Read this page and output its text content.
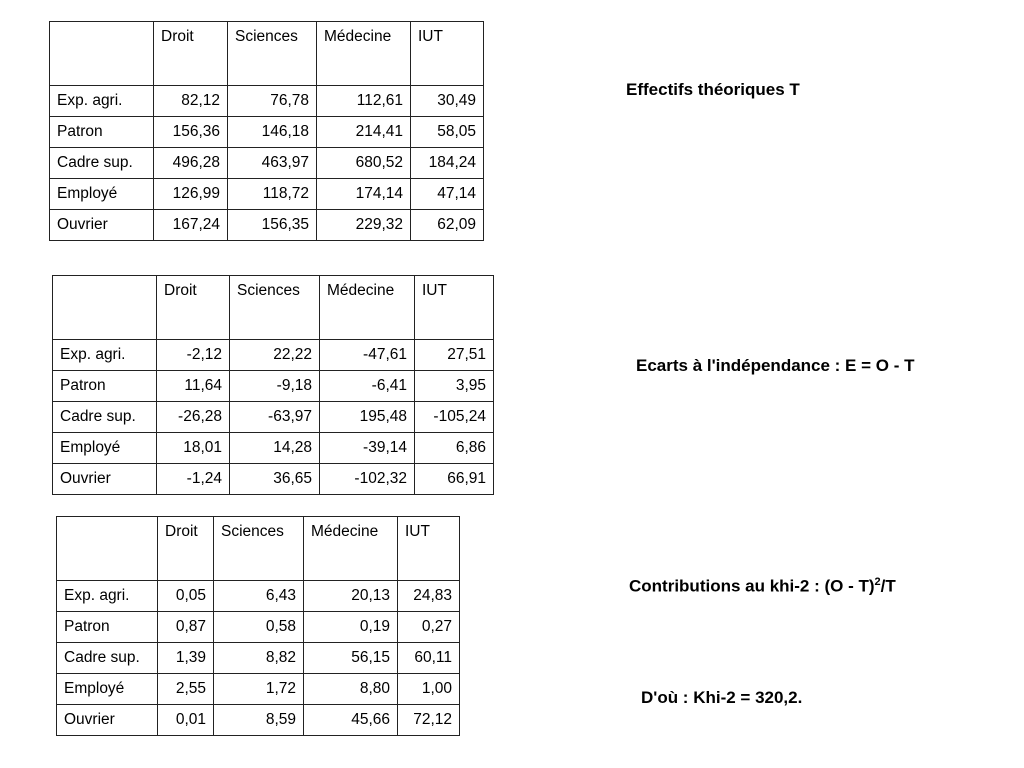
	Droit	Sciences	Médecine	IUT
Exp. agri.	82,12	76,78	112,61	30,49
Patron	156,36	146,18	214,41	58,05
Cadre sup.	496,28	463,97	680,52	184,24
Employé	126,99	118,72	174,14	47,14
Ouvrier	167,24	156,35	229,32	62,09
Effectifs théoriques T
	Droit	Sciences	Médecine	IUT
Exp. agri.	-2,12	22,22	-47,61	27,51
Patron	11,64	-9,18	-6,41	3,95
Cadre sup.	-26,28	-63,97	195,48	-105,24
Employé	18,01	14,28	-39,14	6,86
Ouvrier	-1,24	36,65	-102,32	66,91
Ecarts à l'indépendance : E = O - T
	Droit	Sciences	Médecine	IUT
Exp. agri.	0,05	6,43	20,13	24,83
Patron	0,87	0,58	0,19	0,27
Cadre sup.	1,39	8,82	56,15	60,11
Employé	2,55	1,72	8,80	1,00
Ouvrier	0,01	8,59	45,66	72,12
Contributions au khi-2 : (O - T)$^2$/T
D'où : Khi-2 = 320,2.
